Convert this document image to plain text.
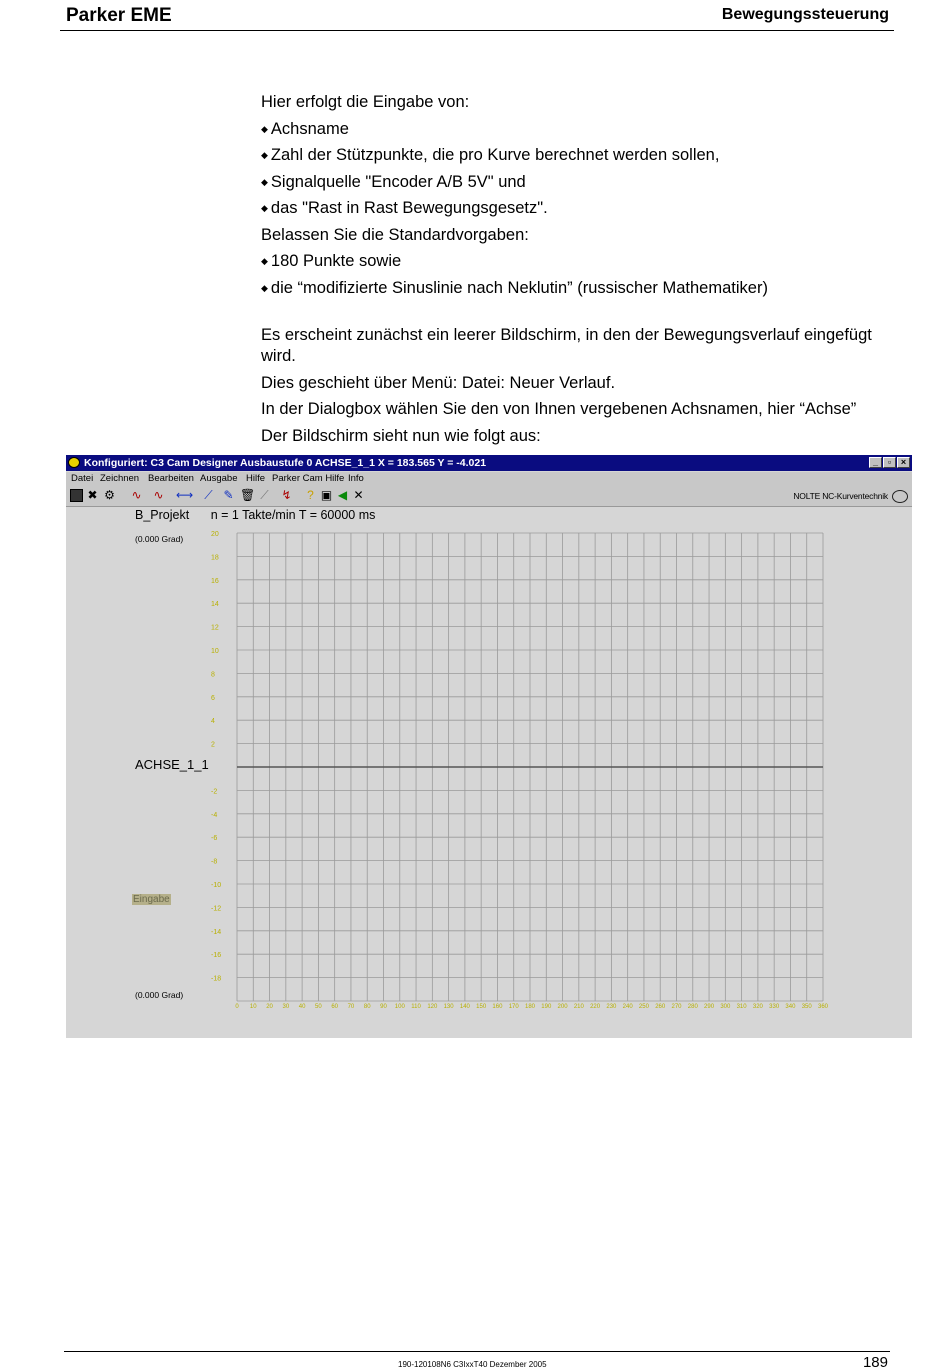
Parker EME	Bewegungssteuerung

Hier erfolgt die Eingabe von:

◆ Achsname

◆ Zahl der Stützpunkte, die pro Kurve berechnet werden sollen,

◆ Signalquelle "Encoder A/B 5V" und

◆ das "Rast in Rast Bewegungsgesetz".

Belassen Sie die Standardvorgaben:

◆ 180 Punkte sowie

◆ die “modifizierte Sinuslinie nach Neklutin” (russischer Mathematiker)

Es erscheint zunächst ein leerer Bildschirm, in den der Bewegungsverlauf eingefügt wird.

Dies geschieht über Menü: Datei: Neuer Verlauf.

In der Dialogbox wählen Sie den von Ihnen vergebenen Achsnamen, hier “Achse”

Der Bildschirm sieht nun wie folgt aus:

Konfiguriert: C3 Cam Designer Ausbaustufe 0 ACHSE_1_1 X = 183.565 Y = -4.021	_	▫	×
Datei Zeichnen Bearbeiten Ausgabe Hilfe Parker Cam Hilfe Info
✖ ⚙ ∿ ∿ ⟷ ⟋ ✎ 🗑 ⟋ ↯ ? ▣ ◀ ✕	NOLTE NC-Kurventechnik
B_Projekt n = 1 Takte/min T = 60000 ms
(0.000 Grad)
ACHSE_1_1
Eingabe
(0.000 Grad)
20
18
16
14
12
10
8
6
4
2
-2
-4
-6
-8
-10
-12
-14
-16
-18
0 10 20 30 40 50 60 70 80 90 100 110 120 130 140 150 160 170 180 190 200 210 220 230 240 250 260 270 280 290 300 310 320 330 340 350 360
190-120108N6 C3IxxT40 Dezember 2005	189
